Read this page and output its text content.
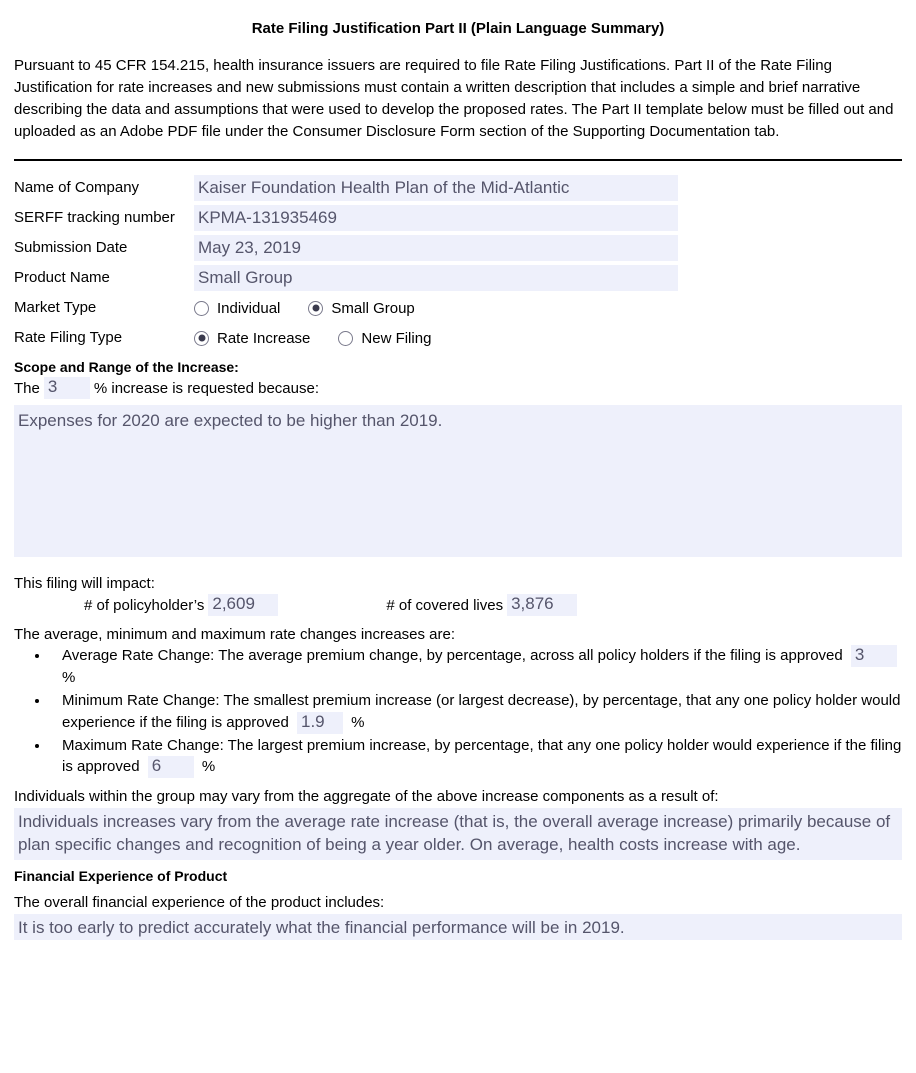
Rate Filing Justification Part II (Plain Language Summary)

Pursuant to 45 CFR 154.215, health insurance issuers are required to file Rate Filing Justifications. Part II of the Rate Filing Justification for rate increases and new submissions must contain a written description that includes a simple and brief narrative describing the data and assumptions that were used to develop the proposed rates. The Part II template below must be filled out and uploaded as an Adobe PDF file under the Consumer Disclosure Form section of the Supporting Documentation tab.

Name of Company	Kaiser Foundation Health Plan of the Mid-Atlantic
SERFF tracking number	KPMA-131935469
Submission Date	May 23, 2019
Product Name	Small Group
Market Type	Individual	Small Group
Rate Filing Type	Rate Increase	New Filing
Scope and Range of the Increase:
The 3	% increase is requested because:
Expenses for 2020 are expected to be higher than 2019.
This filing will impact:
# of policyholder’s 2,609	# of covered lives 3,876
The average, minimum and maximum rate changes increases are:
• Average Rate Change: The average premium change, by percentage, across all policy holders if the filing is approved 3 %
• Minimum Rate Change: The smallest premium increase (or largest decrease), by percentage, that any one policy holder would experience if the filing is approved 1.9 %
• Maximum Rate Change: The largest premium increase, by percentage, that any one policy holder would experience if the filing is approved 6	%
Individuals within the group may vary from the aggregate of the above increase components as a result of:
Individuals increases vary from the average rate increase (that is, the overall average increase) primarily because of plan specific changes and recognition of being a year older. On average, health costs increase with age.
Financial Experience of Product
The overall financial experience of the product includes:
It is too early to predict accurately what the financial performance will be in 2019.
